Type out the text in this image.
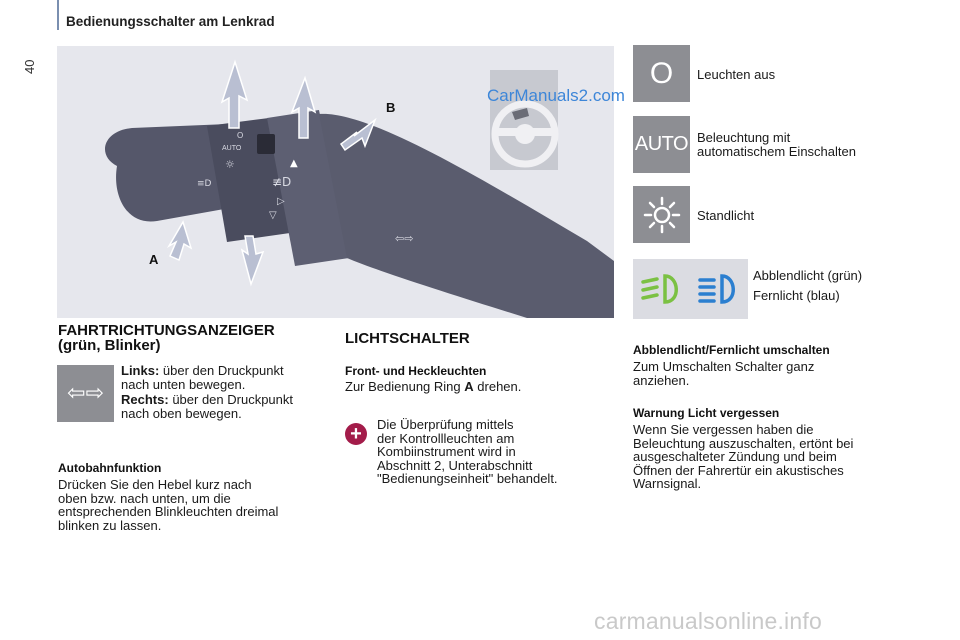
Bedienungsschalter am Lenkrad
40
O
AUTO
☼
≡D	≢D
▲
▷
▽
⇦⇨
B
A
CarManuals2.com
O Leuchten aus
AUTO Beleuchtung mit
automatischem Einschalten
Standlicht
Abblendlicht (grün)
Fernlicht (blau)
FAHRTRICHTUNGSANZEIGER
(grün, Blinker)
⇦⇨
Links: über den Druckpunkt
nach unten bewegen.
Rechts: über den Druckpunkt
nach oben bewegen.
Autobahnfunktion
Drücken Sie den Hebel kurz nach
oben bzw. nach unten, um die
entsprechenden Blinkleuchten dreimal
blinken zu lassen.
LICHTSCHALTER
Front- und Heckleuchten
Zur Bedienung Ring A drehen.
+	Die Überprüfung mittels
der Kontrollleuchten am
Kombiinstrument wird in
Abschnitt 2, Unterabschnitt
"Bedienungseinheit" behandelt.
Abblendlicht/Fernlicht umschalten
Zum Umschalten Schalter ganz
anziehen.
Warnung Licht vergessen
Wenn Sie vergessen haben die
Beleuchtung auszuschalten, ertönt bei
ausgeschalteter Zündung und beim
Öffnen der Fahrertür ein akustisches
Warnsignal.
carmanualsonline.info
